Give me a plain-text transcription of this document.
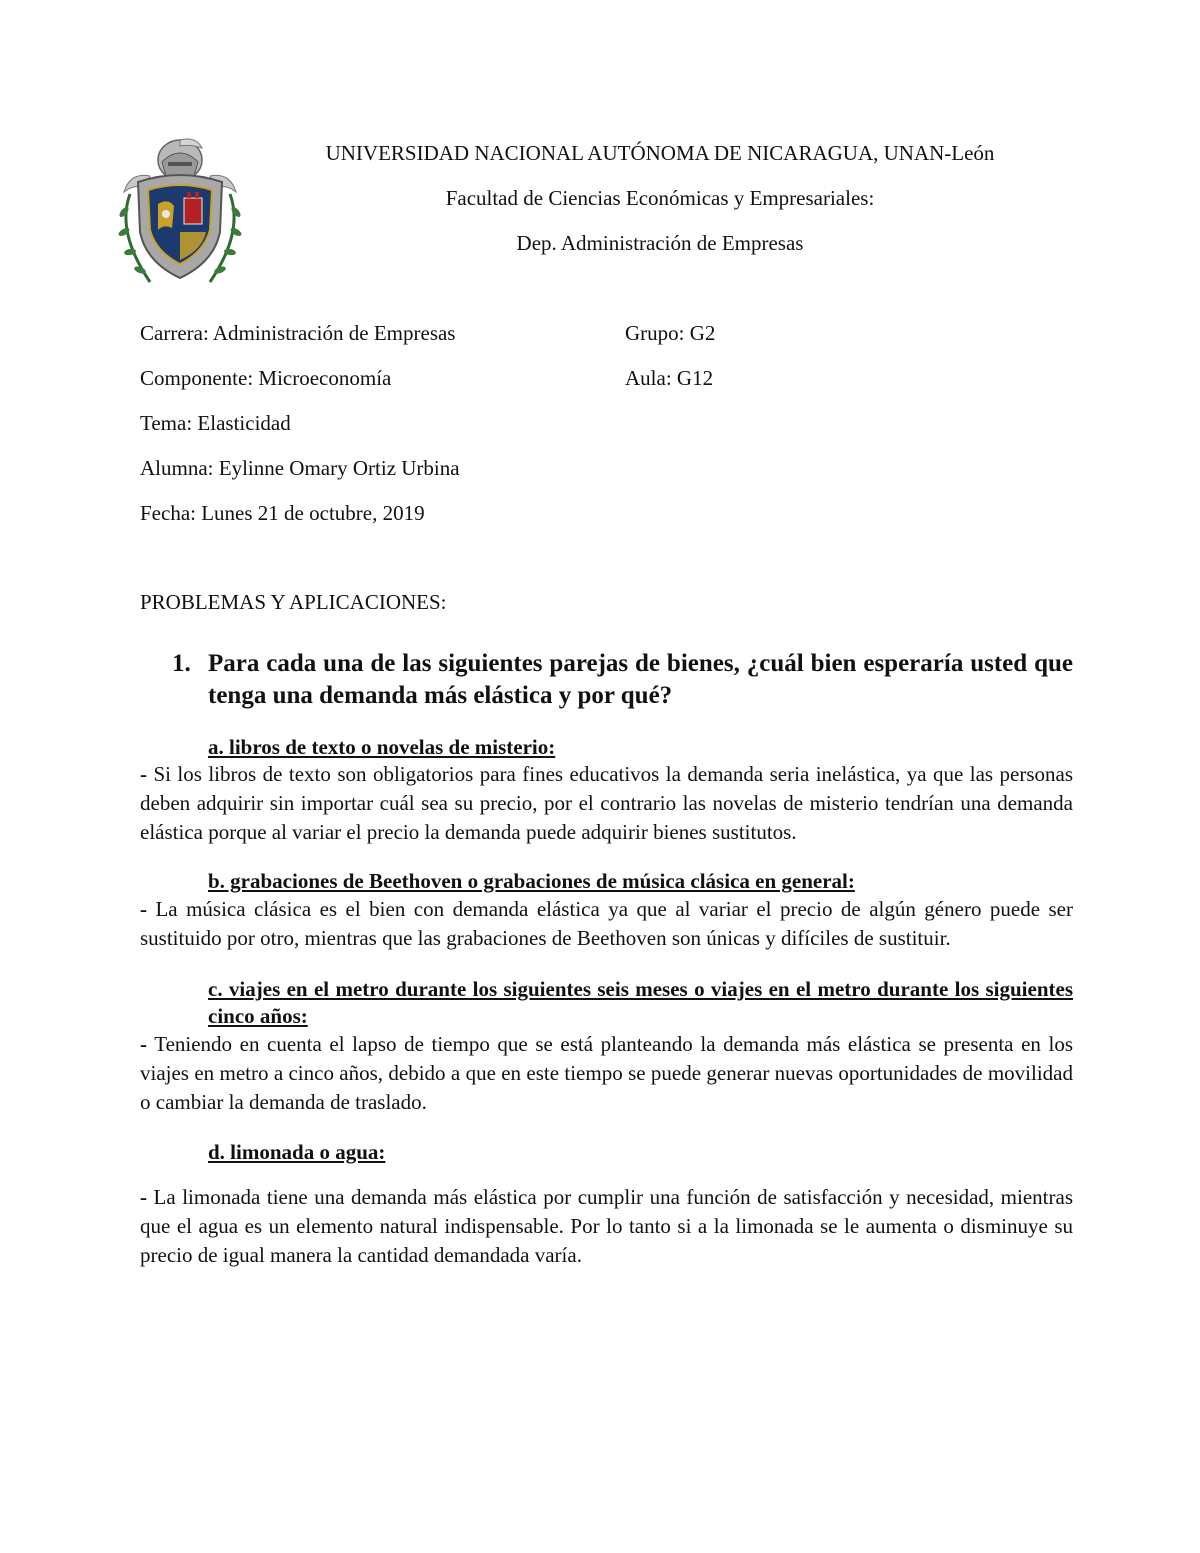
UNIVERSIDAD NACIONAL AUTÓNOMA DE NICARAGUA, UNAN-León
Facultad de Ciencias Económicas y Empresariales:
Dep. Administración de Empresas
Carrera: Administración de Empresas	Grupo: G2
Componente: Microeconomía	Aula: G12
Tema: Elasticidad
Alumna: Eylinne Omary Ortiz Urbina
Fecha: Lunes 21 de octubre, 2019
PROBLEMAS Y APLICACIONES:
1. Para cada una de las siguientes parejas de bienes, ¿cuál bien esperaría usted que tenga una demanda más elástica y por qué?
a. libros de texto o novelas de misterio:
- Si los libros de texto son obligatorios para fines educativos la demanda seria inelástica, ya que las personas deben adquirir sin importar cuál sea su precio, por el contrario las novelas de misterio tendrían una demanda elástica porque al variar el precio la demanda puede adquirir bienes sustitutos.
b. grabaciones de Beethoven o grabaciones de música clásica en general:
- La música clásica es el bien con demanda elástica ya que al variar el precio de algún género puede ser sustituido por otro, mientras que las grabaciones de Beethoven son únicas y difíciles de sustituir.
c. viajes en el metro durante los siguientes seis meses o viajes en el metro durante los siguientes cinco años:
- Teniendo en cuenta el lapso de tiempo que se está planteando la demanda más elástica se presenta en los viajes en metro a cinco años, debido a que en este tiempo se puede generar nuevas oportunidades de movilidad o cambiar la demanda de traslado.
d. limonada o agua:
- La limonada tiene una demanda más elástica por cumplir una función de satisfacción y necesidad, mientras que el agua es un elemento natural indispensable. Por lo tanto si a la limonada se le aumenta o disminuye su precio de igual manera la cantidad demandada varía.
